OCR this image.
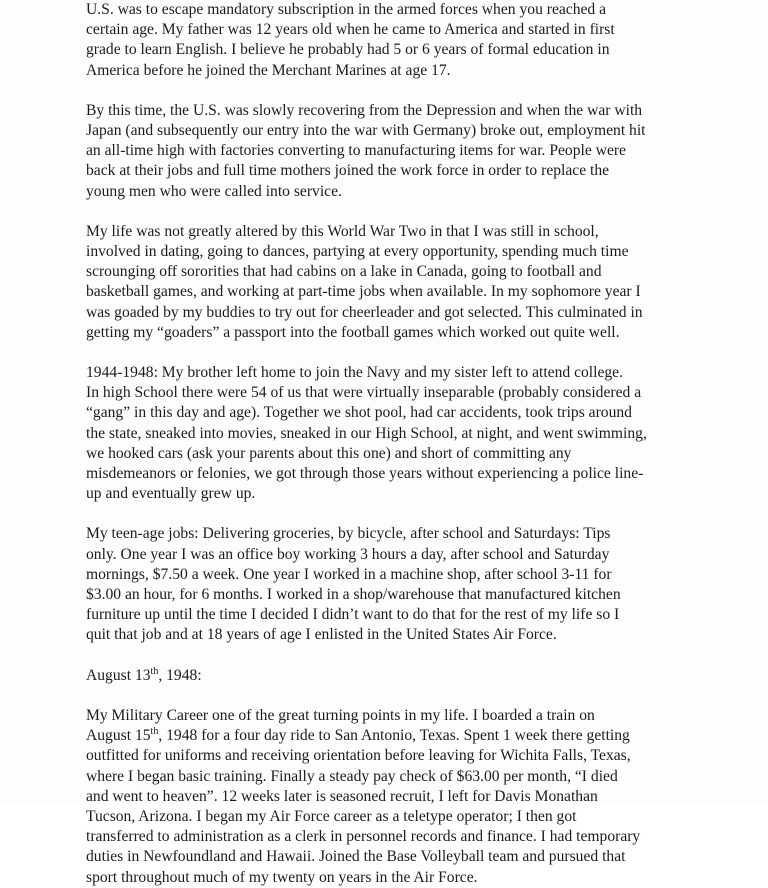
U.S. was to escape mandatory subscription in the armed forces when you reached a
certain age. My father was 12 years old when he came to America and started in first
grade to learn English. I believe he probably had 5 or 6 years of formal education in
America before he joined the Merchant Marines at age 17.

By this time, the U.S. was slowly recovering from the Depression and when the war with
Japan (and subsequently our entry into the war with Germany) broke out, employment hit
an all-time high with factories converting to manufacturing items for war. People were
back at their jobs and full time mothers joined the work force in order to replace the
young men who were called into service.

My life was not greatly altered by this World War Two in that I was still in school,
involved in dating, going to dances, partying at every opportunity, spending much time
scrounging off sororities that had cabins on a lake in Canada, going to football and
basketball games, and working at part-time jobs when available. In my sophomore year I
was goaded by my buddies to try out for cheerleader and got selected. This culminated in
getting my “goaders” a passport into the football games which worked out quite well.

1944-1948: My brother left home to join the Navy and my sister left to attend college.
In high School there were 54 of us that were virtually inseparable (probably considered a
“gang” in this day and age). Together we shot pool, had car accidents, took trips around
the state, sneaked into movies, sneaked in our High School, at night, and went swimming,
we hooked cars (ask your parents about this one) and short of committing any
misdemeanors or felonies, we got through those years without experiencing a police line-
up and eventually grew up.

My teen-age jobs: Delivering groceries, by bicycle, after school and Saturdays: Tips
only. One year I was an office boy working 3 hours a day, after school and Saturday
mornings, $7.50 a week. One year I worked in a machine shop, after school 3-11 for
$3.00 an hour, for 6 months. I worked in a shop/warehouse that manufactured kitchen
furniture up until the time I decided I didn’t want to do that for the rest of my life so I
quit that job and at 18 years of age I enlisted in the United States Air Force.

August 13th, 1948:

My Military Career one of the great turning points in my life. I boarded a train on
August 15th, 1948 for a four day ride to San Antonio, Texas. Spent 1 week there getting
outfitted for uniforms and receiving orientation before leaving for Wichita Falls, Texas,
where I began basic training. Finally a steady pay check of $63.00 per month, “I died
and went to heaven”. 12 weeks later is seasoned recruit, I left for Davis Monathan
Tucson, Arizona. I began my Air Force career as a teletype operator; I then got
transferred to administration as a clerk in personnel records and finance. I had temporary
duties in Newfoundland and Hawaii. Joined the Base Volleyball team and pursued that
sport throughout much of my twenty on years in the Air Force.
